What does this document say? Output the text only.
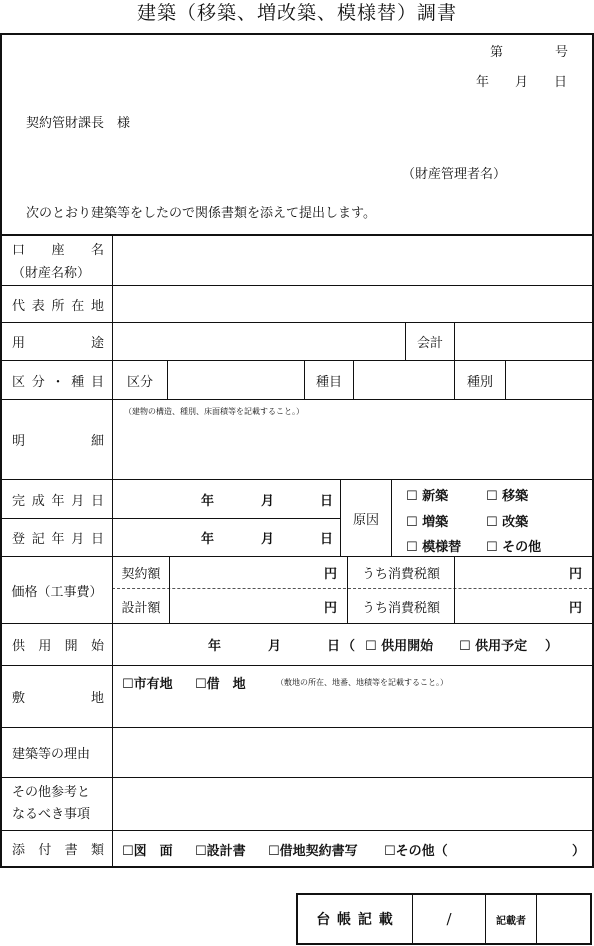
建築（移築、増改築、模様替）調書
第　　　　号
年　　月　　日
契約管財課長　様
（財産管理者名）
次のとおり建築等をしたので関係書類を添えて提出します。
口 座 名
（財産名称）
代 表 所 在 地
用	途	会計
区 分 ・ 種 目	区分	種目	種別
明	細
（建物の構造、種別、床面積等を記載すること。）
完 成 年 月 日	年	月	日
登 記 年 月 日	年	月	日
原因
☐ 新築	☐ 移築
☐ 増築	☐ 改築
☐ 模様替 ☐ その他
価格（工事費）
契約額	円	うち消費税額	円
設計額	円	うち消費税額	円
供 用 開 始	年	月	日 （ ☐ 供用開始 ☐ 供用予定 ）
敷	地
☐市有地 ☐借　地	（敷地の所在、地番、地積等を記載すること。）
建築等の理由
その他参考と
なるべき事項
添 付 書 類 ☐図　面 ☐設計書 ☐借地契約書写 ☐その他（	）
台 帳 記 載	/	記載者
